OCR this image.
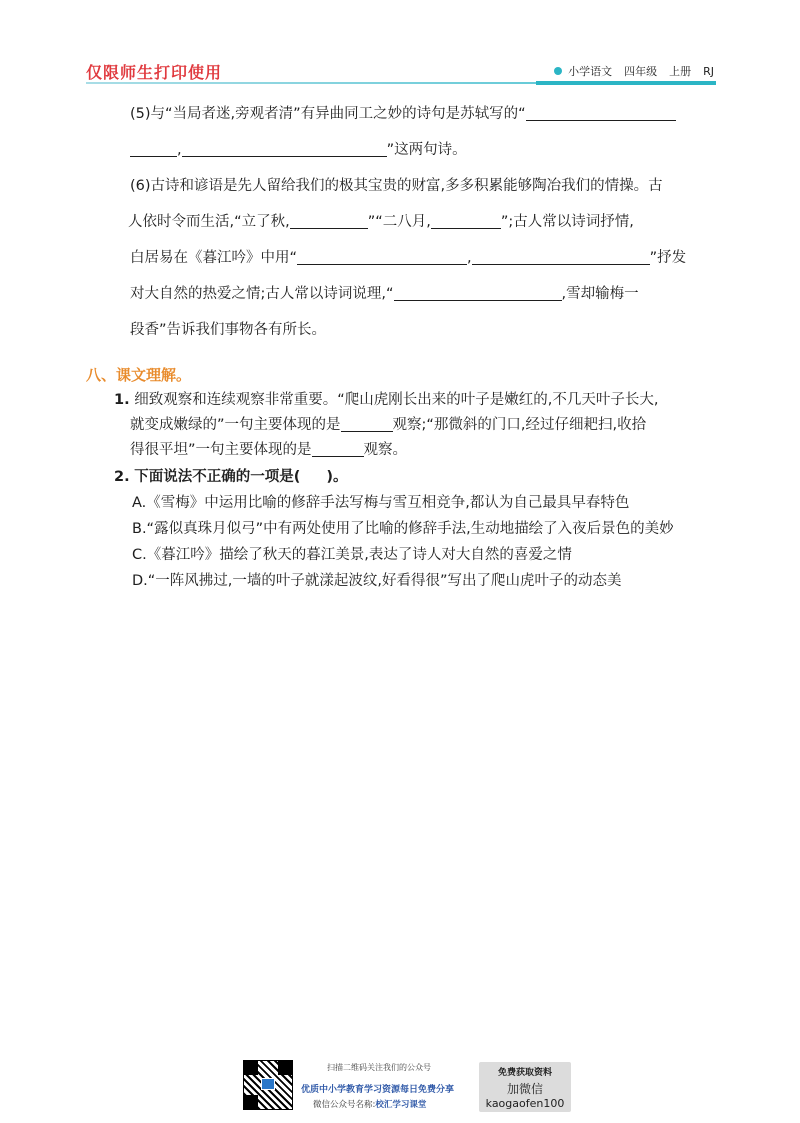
仅限师生打印使用	小学语文 四年级 上册 RJ
(5)与“当局者迷,旁观者清”有异曲同工之妙的诗句是苏轼写的“
,	”这两句诗。
(6)古诗和谚语是先人留给我们的极其宝贵的财富,多多积累能够陶冶我们的情操。古
人依时令而生活,“立了秋,	”“二八月,	”;古人常以诗词抒情,
白居易在《暮江吟》中用“	,	”抒发
对大自然的热爱之情;古人常以诗词说理,“	,雪却输梅一
段香”告诉我们事物各有所长。
八、课文理解。
1. 细致观察和连续观察非常重要。“爬山虎刚长出来的叶子是嫩红的,不几天叶子长大,
就变成嫩绿的”一句主要体现的是	观察;“那微斜的门口,经过仔细耙扫,收拾
得很平坦”一句主要体现的是	观察。
2. 下面说法不正确的一项是( )。
A.《雪梅》中运用比喻的修辞手法写梅与雪互相竞争,都认为自己最具早春特色
B.“露似真珠月似弓”中有两处使用了比喻的修辞手法,生动地描绘了入夜后景色的美妙
C.《暮江吟》描绘了秋天的暮江美景,表达了诗人对大自然的喜爱之情
D.“一阵风拂过,一墙的叶子就漾起波纹,好看得很”写出了爬山虎叶子的动态美
扫描二维码关注我们的公众号
优质中小学教育学习资源每日免费分享
微信公众号名称:校汇学习课堂
免费获取资料
加微信
kaogaofen100
